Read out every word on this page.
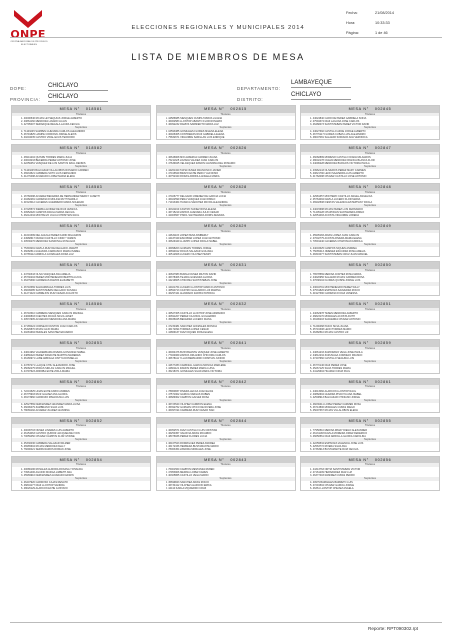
ONPE
OFICINA NACIONAL DE PROCESOS ELECTORALES
ELECCIONES REGIONALES Y MUNICIPALES 2014
LISTA DE MIEMBROS DE MESA
Fecha:	21/08/2014
Hora:	10:33:33
Página:	1 de 46
DOPE:	CHICLAYO
PROVINCIA: CHICLAYO
DEPARTAMENTO:
LAMBAYEQUE
DISTRITO:
CHICLAYO
MESA N° 018581
Titulares
1. 40090546 ROJAS LEYSEQUIAS JORGE ALBERTO
2. 40864160 MENDOZA LAVADO LILIAN
3. 42795407 SERNAQUE REGALA LAURA CECILIA
Suplentes
4. 71103245 SAMPEN GUEVARA CARLOS ALEJANDRO
5. 46791825 LIAMPE CORDOVA JORGE ALEXIS
6. 40204035 CASTRO VIDAL ELVIS TEODORO
MESA N° 002815
Titulares
1. 44586685 SIESQUEN CUMPA TABATA LILIANA
2. 46062583 LLONTOP ABANTO FLOR ROSARIO
3. 46092232 RAMOS SARMIENTO MARIA LUZ
Suplentes
4. 16593385 GONZALES FLORES MILENA ELENA
5. 40926305 CONTRERAS RUIZ GABRIELA ELENA
6. 75832671 VIDAURRE SAMILLAN LUIS ENRIQUE
MESA N° 002845
Titulares
1. 44624840 CARO DE PEREZ GABRIELA SOFIA
2. 47594374 DIAZ LAGUNA JOSE CARLOS
3. 46468473 SANTISTEBAN PEREZ VICTOR DAVID
Suplentes
4. 44627392 CASTILLO ARCE JORGE ALBERTO
5. 46776117 FLORES CUBAS LUIS ALEJANDRO
6. 48007081 SALAZAR SORIANO ANA VERONICA
MESA N° 018582
Titulares
1. 46941204 QUISPE TORRES MARIA JULIA
2. 40603233 BECERRA PEREZ ANTONIO JOSE
3. 42256451 VASQUEZ DE LOS SANTOS RAUL DENNIS
Suplentes
4. 71103245 BALCAZAR VILLALOBOS ROSARIO CARMEN
5. 46934521 CABRERA SOTO LUIS FERNANDO
6. 41276498 ALVARADO LOPEZ MARIA ELENA
MESA N° 002826
Titulares
1. 46646908 MIO ALBERCA CARMEN JUANA
2. 76211325 LOZADA VALDEZ JUAN CARLOS
3. 47639025 VELASQUEZ RAMOS GIANNINA DEL ROSARIO
Suplentes
4. 44261320 TAPIA NUÑEZ FRANCISCO JAVIER
5. 47016529 BRAVO ECHE PERCY ALFONSO
6. 40752340 RODAS ARRIOLA ANGELA MARIA
MESA N° 002847
Titulares
1. 46082899 MORENO CASTILLO DIANA MILAGROS
2. 48002178 CUEVA MENDOZA FRANCA BLANCA FLOR
3. 44096228 MENDOZA BURGOS VICTORIA PAOLA
Suplentes
4. 43962143 OLIVEROS PEREZ MARY CARMEN
5. 40821790 LEON SAAVEDRA LUIS ALBERTO
6. 41762098 CHAVEZ CASTILLO JOSE ANTONIO
MESA N° 018583
Titulares
1. 16760098 ALVAREZ BECERRA DE HERNANDEZ MERCY JANETH
2. 40482281 CARRASCO MOLINA RUTH MARILU
3. 41523012 CACERES GUERRERO MARIA SOLEDAD
Suplentes
4. 47226574 SIERRA ALVINEZ DE RUIZ JESSICA
5. 40952020 CAMPOS DAVILA MARIA CECILIA
6. 46212434 MONTALVO JULCA CHRISTIAN RAUL
MESA N° 002828
Titulares
1. 47026777 DELGADO JIMENEZ DE GARCIA LUCIA
2. 46022599 PEÑA VASQUEZ JUAN PABLO
3. 71913464 HUANCA SANCHEZ MAYRA ALEJANDRA
Suplentes
4. 40321190 CASTRO NUÑEZ ROSA ELENA
5. 46715219 ZAPATA GUEVARA JULIO CESAR
6. 42003567 PISFIL SANTAMARIA DORIS ZENAIDA
MESA N° 002848
Titulares
1. 42981357 MONTERO CASTILLO ANGEL ANGELICA
2. 45764094 DAVILA LUCERO FLOR MARIA
3. 46902508 FIESTAS VALENCIA ESTEPHANY PAOLA
Suplentes
4. 44015698 ROJAS PEREZ LUIS FERNANDO
5. 71405128 CHAPOÑAN SANTAMARIA PABLO
6. 42651093 ACOSTA VIDAURRE LORENA
MESA N° 018584
Titulares
1. 41616399 DEL AGUILA PEREZ KARIN MILAGROS
2. 44968617 DURAN CASTILLO CINDY YASMIN
3. 40536276 MENDOZA SANDOVAL ROSA EVA
Suplentes
4. 75393291 DAVILA RUIZ DE DELGADO JANETH
5. 46082511 GUEVARA CARRASCO MARIA ISABEL
6. 40765112 ARRIOLA GONZALES DORA LUZ
MESA N° 002829
Titulares
1. 44631115 LOPEZ PEÑA KIMBERLY
2. 44437349 ESCOBAR LOPEZ JUAN ANTONIO
3. 46629449 LLUMPO LOPEZ PAOLA ISABEL
Suplentes
4. 46998203 GUZMAN TORRES JORGE
5. 46694912 ROJAS SALAZAR GIULIANA
6. 40512608 LUCERO VILCHEZ HENRY
MESA N° 002849
Titulares
1. 45905183 ARIAS LOPEZ JUAN CARLOS
2. 47602775 ACOSTA RIVERA MARIA ELENA
3. 70591240 CACERES CHAPOÑAN FABIOLA
Suplentes
4. 44003325 CAMPOS NIQUEN ANDREA
5. 75065413 JIMENEZ ESCURRA ROSA AMELIA
6. 48316077 SANTISTEBAN CRUZ JUAN MANUEL
MESA N° 018585
Titulares
1. 44730343 OLIVA VASQUEZ ANA AMELIA
2. 45730204 PEREZ MONTENEGRO BERTHA LUCIA
3. 46479390 CARDENAS RAMOS ELIZABETH
Suplentes
4. 46718369 SALDARRIAGA TORRES LUIS
5. 46609085 SANTISTEBAN DELGADO SUSANA
6. 41271024 CABREJOS RUIZ CESAR AUGUSTO
MESA N° 002831
Titulares
1. 40847983 BURGA NUÑEZ MILTON DAVID
2. 46378406 TEJADA GUEVARA GLORIA
3. 44219605 CHICOMA SANTISTEBAN JOSE
Suplentes
4. 44021764 LUCERO LLONTOP MARCO ANTONIO
5. 46590713 CASTRO GALLARDO LUZ MARINA
6. 46297441 ALVARADO ZAPATA PATRICIA
MESA N° 002850
Titulares
1. 76578569 MEDINA CORTEZ ROSA MARIA
2. 44620956 SALAZAR ROJAS CARMEN ROSA
3. 47638104 FLORES QUISPE JORGE LUIS
Suplentes
4. 43604791 MONTENEGRO PEREZ WILLY
5. 47531826 ESPINOZA SAAVEDRA ROCIO
6. 41927390 CARRASCO DIAZ VANESSA
MESA N° 018586
Titulares
1. 46718310 CABRERA SIESQUEN CARLOS MANUEL
2. 44690803 FUENTES ROJAS SILVIA JANET
3. 40572905 ALVARADO MENDOZA ANA MARIA
Suplentes
4. 47165024 CORNEJO NUNTON JUAN CARLOS
5. 45326870 RIVAS CAJO MARIA
6. 40281694 PERALES SANCHEZ EDUARDO
MESA N° 002832
Titulares
1. 46527305 CASTILLO LLONTOP JOSE ARMANDO
2. 40691207 PEREZ CAJUSOL GUILLERMO
3. 45936025 BECERRA LUCERO DIANA
Suplentes
4. 47230481 SANCHEZ GONZALES MONICA
5. 46172094 TORRES LOPEZ CESAR
6. 44869137 DIAZ NIQUEN ROSA ELENA
MESA N° 002851
Titulares
1. 44062978 TESEN MENDOZA ALBERTO
2. 46823170 MORALES ACOSTA RUTH
3. 48196203 SAAVEDRA CHAVEZ ANTONIO
Suplentes
4. 71290468 PAICO SILVA JUANA
5. 45716308 LEON TORRES MARIO
6. 46382510 ROJAS CASTRO LIZ
MESA N° 002853
Titulares
1. 44641962 VALDERRAMA RIVERA GIOVANNA ISABEL
2. 44866422 PEREZ SIRIACHE MARTHA MAREDES
3. 46166971 LLIBE ARRIAGA CINTYA DONNELLA
Suplentes
4. 44787271 LLAQUE CHIU ALEJANDRO JOSE
5. 45082275 RODAS SIRLAS CARLOS MIGUEL
6. 44797623 ARROBA ECHE ZOILA MARIA
MESA N° 002841
Titulares
1. 46064476 BUSTAMANTE VASQUEZ JOSE ALBERTO
2. 77464969 ZAPATA ORLANDO CHICOMA CARLOS
3. 46678111 YLLAN BERNARDO CRISTIAN JUNIOR
Suplentes
4. 44677283 CARRIZAL GARCIA MONICA MARLENE
5. 44801121 RAMOS PEREZ MARIA LUISA
6. 45218371 GONZALES SILVA MARIA VICTORIA
MESA N° 002859
Titulares
1. 44661233 ZAMORANO VEGA JOSE PAOLA
2. 44812234 ZUZUNAGA CORNEJO FRANCO
3. 47407660 CASTILLO SEGURA LUIS
Suplentes
4. 46770146 DIAZ PEREZ JOSE
5. 45267125 SILVA TORRES MARIA
6. 44129604 HUAMAN CRUZ PAUL
MESA N° 002860
Titulares
1. 72201525 LIÑAN ECHE FABIO ANDRES
2. 46775903 RUIZ GALVEZ ANA GLORIA
3. 48173960 CARDOZO RIMAICUNA LUIS
Suplentes
4. 42527569 FERNANDEZ GRANDEZ MARIA LUISA
5. 46096479 ZAMBRANO SILVA LUIS
6. 78069192 ALVAREZ JUAREZ GIANNINA
MESA N° 002842
Titulares
1. 78960837 RIVERA LECCA JUAN ELIAS
2. 47571902 GARCIA VARGAS RUBEN
3. 46689302 CAMPOS GALVEZ ROSA
Suplentes
4. 46723540 VILCHEZ CARRION ELENA
5. 45392762 GUZMAN CHICO DE RIVERA JOSE
6. 46097194 CARRERA RUIZ CESAR IVAN
MESA N° 002861
Titulares
1. 44613082 ALARCON LLONTOP RAUL
2. 40882604 GUERRA PISCOYA ANA ISABEL
3. 42508913 BALCAZAR OTINIANO JORGE
Suplentes
4. 48236411 LOPEZ PEREZ CARMEN ROSA
5. 46713806 MORALES CUBAS DIEGO
6. 45097367 ROJAS VILLALOBOS ELENA
MESA N° 002852
Titulares
1. 40006703 NUÑEZ LINARES LUIS ALBERTO
2. 46154063 CASTRO QUIROZ JACQUELINE IVON
3. 70659450 CHAVEZ CAMPOS FLOR IVONNE
Suplentes
4. 45330036 CABRERA SALAZAR WILMER
5. 46965604 ROJAS MENDOZA KELLY
6. 76690021 SERPA RAMOS ROMAN JOSE
MESA N° 002844
Titulares
1. 46052571 DIAZ CASTILLO LUIS CRISTIAN
2. 46250457 VALDIVIA ARIAS RICARDO
3. 48076936 PEREZ FLORES LUCIA
Suplentes
4. 46167523 RODRIGUEZ PEREZ ANDREA
5. 46172336 HERRERA BUSTAMANTE MARIO
6. 78063454 ZAMORA MORALES JOSE
MESA N° 002855
Titulares
1. 77950510 MEDINA RIMAY DIEGO ALEXANDER
2. 46131138 DAVILA MOREIRA OMAR FEDERICO
3. 46650561 DIAZ ARROLLA GLORIA CAROLINA
Suplentes
4. 42259534 ESPINOZA VALENCIA JOSE LUIS
5. 42563772 RIVERA SILVA ANA
6. 47363913 BUSTAMANTE RUIZ CECILIA
MESA N° 002854
Titulares
1. 40686196 ROSALES ALMORA ROXANA YOHALIDA
2. 73961406 AGUINO MURGA LIZBETH ANA
3. 45969916 FERNANDEZ ALVARADO EDWIN
Suplentes
4. 46407920 CARDOSO CAJAS RENATO
5. 46804177 DIAZ LLONTOP SANDRA
6. 48026129 ALARCON ECHE GUSTAVO
MESA N° 002843
Titulares
1. 76001560 CAMPOS MESTANZA RUBEN
2. 47953906 MEDINA LOPEZ KAREN
3. 40305865 CASTILLO VEGA MARIO
Suplentes
4. 45699843 SANCHEZ ARIAS ROCIO
5. 46734412 VILCHEZ ALARCON ERIKA
6. 44410 KARLA IZQUIERDO CRUZ
MESA N° 002856
Titulares
1. 44313763 ORTIZ SANTISTEBAN VICTOR
2. 47161209 HERNANDEZ DIAZ LUZ
3. 46377403 RAMIREZ CUBAS PEDRO
Suplentes
4. 40979 BARDALES BARRETO LUIS
5. 47291504 CHAVEZ GARCIA JORGE
6. 46361 LLONTOP CHEVEZ ANGELA
Reporte: RPT090302.rpt
